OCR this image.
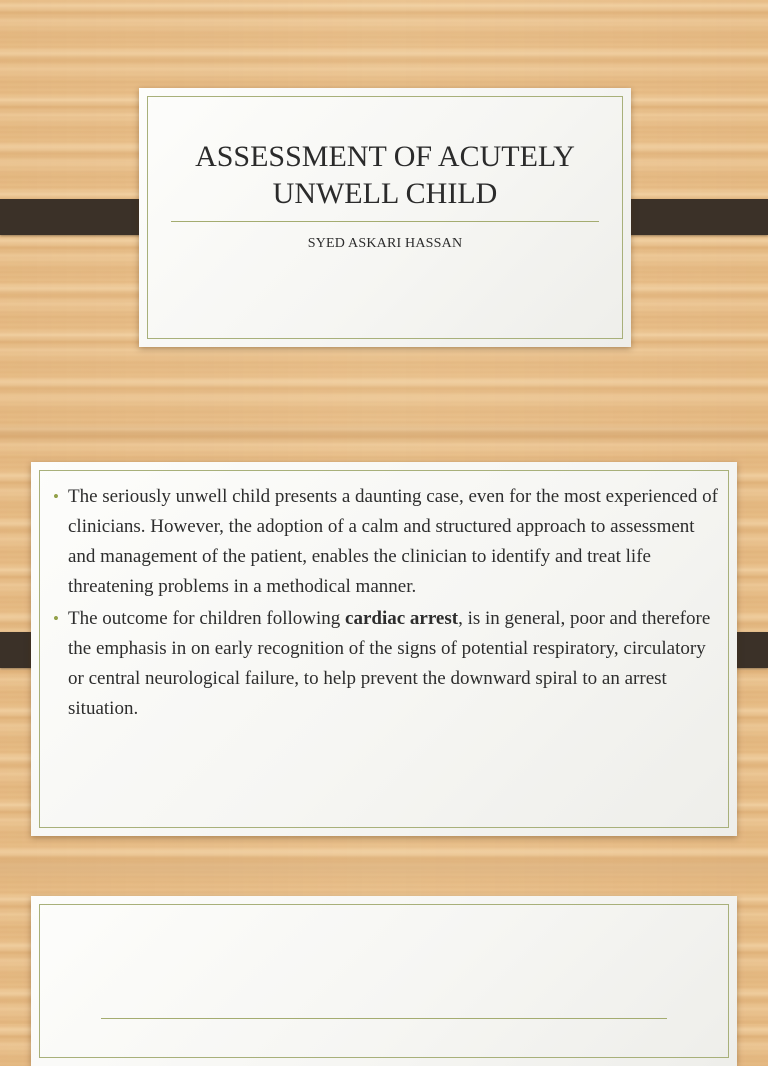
ASSESSMENT OF ACUTELY UNWELL CHILD
SYED ASKARI HASSAN
• The seriously unwell child presents a daunting case, even for the most experienced of clinicians. However, the adoption of a calm and structured approach to assessment and management of the patient, enables the clinician to identify and treat life threatening problems in a methodical manner.
• The outcome for children following cardiac arrest, is in general, poor and therefore the emphasis in on early recognition of the signs of potential respiratory, circulatory or central neurological failure, to help prevent the downward spiral to an arrest situation.
